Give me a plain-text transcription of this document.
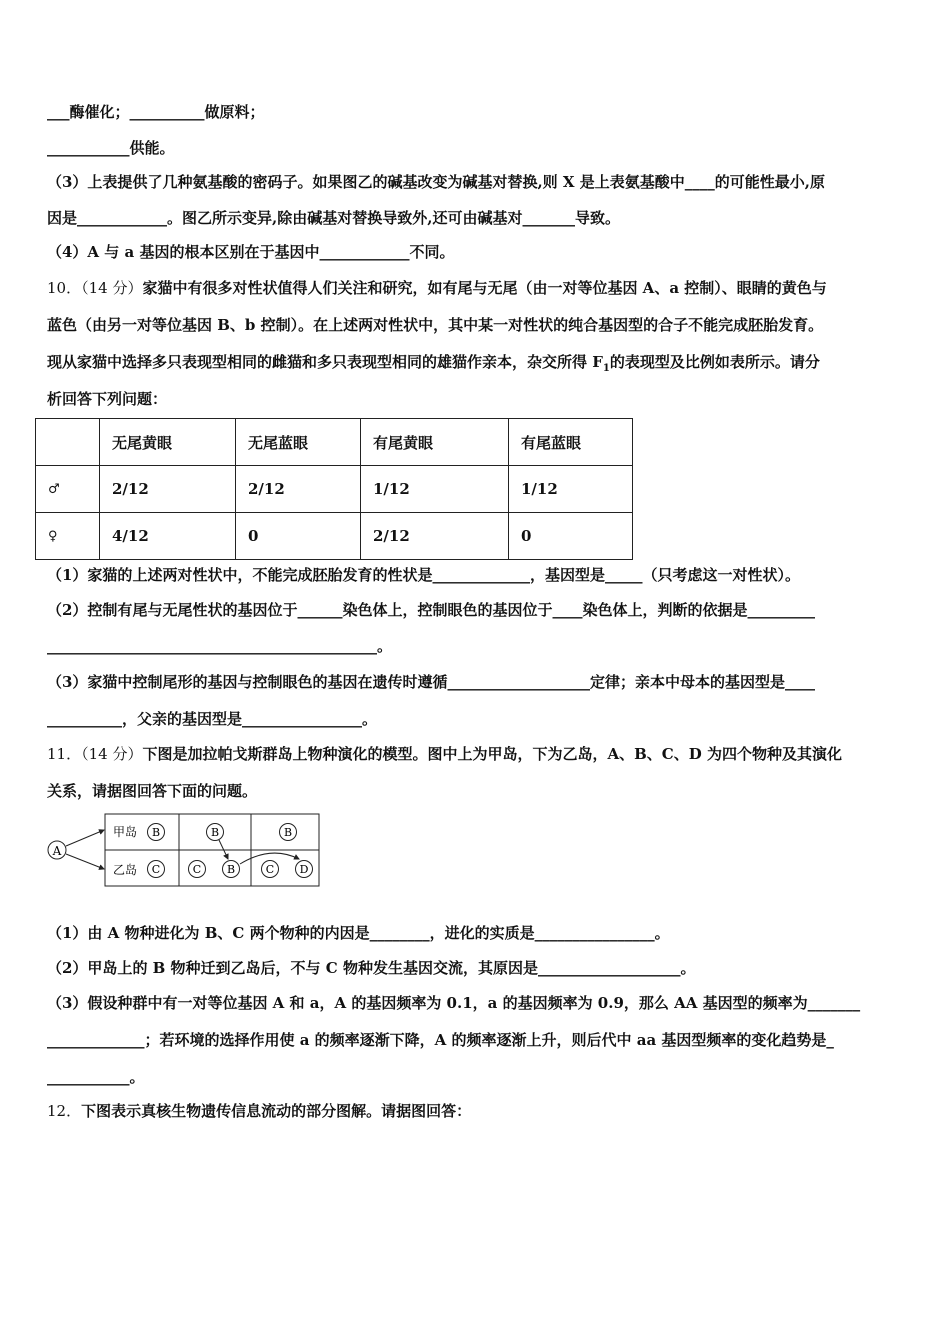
___酶催化；__________做原料；
___________供能。
（3）上表提供了几种氨基酸的密码子。如果图乙的碱基改变为碱基对替换,则 X 是上表氨基酸中____的可能性最小,原
因是____________。图乙所示变异,除由碱基对替换导致外,还可由碱基对_______导致。
（4）A 与 a 基因的根本区别在于基因中____________不同。
10．（14 分）家猫中有很多对性状值得人们关注和研究，如有尾与无尾（由一对等位基因 A、a 控制）、眼睛的黄色与
蓝色（由另一对等位基因 B、b 控制）。在上述两对性状中，其中某一对性状的纯合基因型的合子不能完成胚胎发育。
现从家猫中选择多只表现型相同的雌猫和多只表现型相同的雄猫作亲本，杂交所得 $F_1$的表现型及比例如表所示。请分
析回答下列问题：
	无尾黄眼	无尾蓝眼	有尾黄眼	有尾蓝眼
♂	2/12	2/12	1/12	1/12
♀	4/12	0	2/12	0
（1）家猫的上述两对性状中，不能完成胚胎发育的性状是_____________，基因型是_____（只考虑这一对性状）。
（2）控制有尾与无尾性状的基因位于______染色体上，控制眼色的基因位于____染色体上，判断的依据是_________
____________________________________________。
（3）家猫中控制尾形的基因与控制眼色的基因在遗传时遵循___________________定律；亲本中母本的基因型是____
__________，父亲的基因型是________________。
11．（14 分）下图是加拉帕戈斯群岛上物种演化的模型。图中上为甲岛，下为乙岛，A、B、C、D 为四个物种及其演化
关系，请据图回答下面的问题。
A
甲岛
乙岛
B
C
B
C B
B
C D
（1）由 A 物种进化为 B、C 两个物种的内因是________，进化的实质是________________。
（2）甲岛上的 B 物种迁到乙岛后，不与 C 物种发生基因交流，其原因是___________________。
（3）假设种群中有一对等位基因 A 和 a，A 的基因频率为 0.1，a 的基因频率为 0.9，那么 AA 基因型的频率为_______
_____________；若环境的选择作用使 a 的频率逐渐下降，A 的频率逐渐上升，则后代中 aa 基因型频率的变化趋势是_
___________。
12．下图表示真核生物遗传信息流动的部分图解。请据图回答：
